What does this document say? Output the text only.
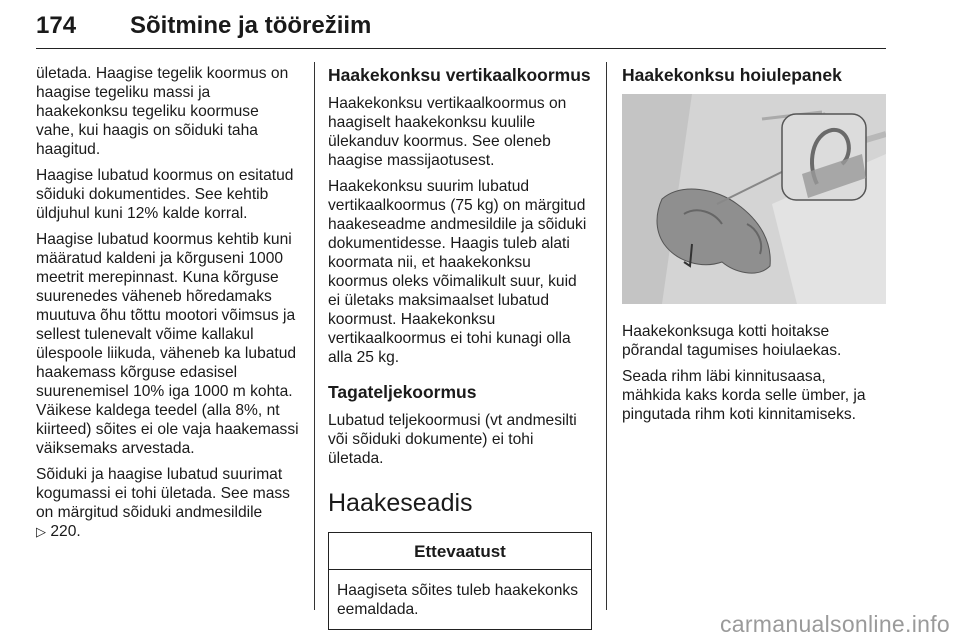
174 Sõitmine ja töörežiim

ületada. Haagise tegelik koormus on haagise tegeliku massi ja haakekonksu tegeliku koormuse vahe, kui haagis on sõiduki taha haagitud.

Haagise lubatud koormus on esitatud sõiduki dokumentides. See kehtib üldjuhul kuni 12% kalde korral.

Haagise lubatud koormus kehtib kuni määratud kaldeni ja kõrguseni 1000 meetrit merepinnast. Kuna kõrguse suurenedes väheneb hõredamaks muutuva õhu tõttu mootori võimsus ja sellest tulenevalt võime kallakul ülespoole liikuda, väheneb ka lubatud haakemass kõrguse edasisel suurenemisel 10% iga 1000 m kohta. Väikese kaldega teedel (alla 8%, nt kiirteed) sõites ei ole vaja haakemassi väiksemaks arvestada.

Sõiduki ja haagise lubatud suurimat kogumassi ei tohi ületada. See mass on märgitud sõiduki andmesildile
▷ 220.

Haakekonksu vertikaalkoormus

Haakekonksu vertikaalkoormus on haagiselt haakekonksu kuulile ülekanduv koormus. See oleneb haagise massijaotusest.

Haakekonksu suurim lubatud vertikaalkoormus (75 kg) on märgitud haakeseadme andmesildile ja sõiduki dokumentidesse. Haagis tuleb alati koormata nii, et haakekonksu koormus oleks võimalikult suur, kuid ei ületaks maksimaalset lubatud koormust. Haakekonksu vertikaalkoormus ei tohi kunagi olla alla 25 kg.

Tagateljekoormus

Lubatud teljekoormusi (vt andmesilti või sõiduki dokumente) ei tohi ületada.

Haakeseadis
Ettevaatust
Haagiseta sõites tuleb haakekonks eemaldada.
Haakekonksu hoiulepanek

Haakekonksuga kotti hoitakse põrandal tagumises hoiulaekas.

Seada rihm läbi kinnitusaasa, mähkida kaks korda selle ümber, ja pingutada rihm koti kinnitamiseks.

carmanualsonline.info
